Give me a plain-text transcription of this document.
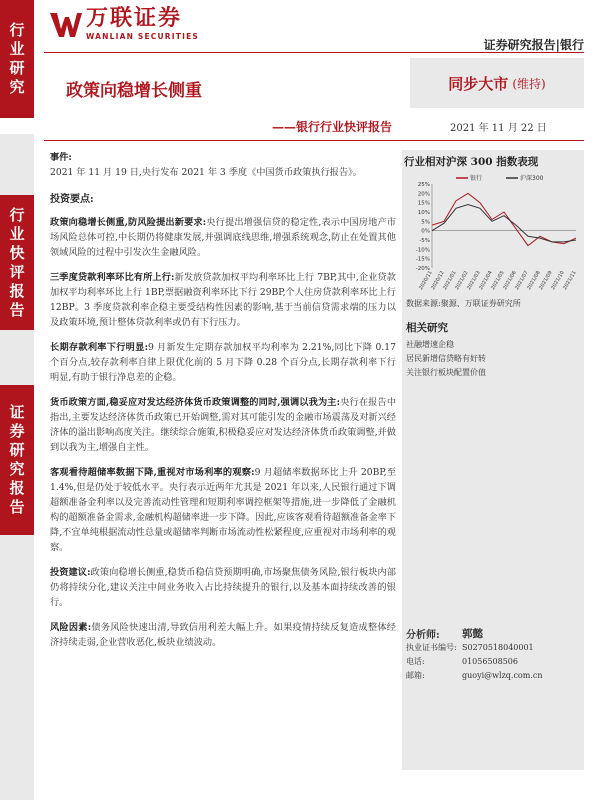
行
业
研
究
行
业
快
评
报
告
证
券
研
究
报
告
万联证券
WANLIAN SECURITIES
证券研究报告|银行
政策向稳增长侧重
——银行行业快评报告
同步大市 (维持)
2021 年 11 月 22 日
事件:

2021 年 11 月 19 日,央行发布 2021 年 3 季度《中国货币政策执行报告》。

投资要点:

政策向稳增长侧重,防风险提出新要求:央行提出增强信贷的稳定性,表示中国房地产市场风险总体可控,中长期仍将健康发展,并强调底线思维,增强系统观念,防止在处置其他领域风险的过程中引发次生金融风险。

三季度贷款利率环比有所上行:新发放贷款加权平均利率环比上行 7BP,其中,企业贷款加权平均利率环比上行 1BP,票据融资利率环比下行 29BP,个人住房贷款利率环比上行 12BP。3 季度贷款利率企稳主要受结构性因素的影响,基于当前信贷需求端的压力以及政策环境,预计整体贷款利率或仍有下行压力。

长期存款利率下行明显:9 月新发生定期存款加权平均利率为 2.21%,同比下降 0.17 个百分点,较存款利率自律上限优化前的 5 月下降 0.28 个百分点,长期存款利率下行明显,有助于银行净息差的企稳。

货币政策方面,稳妥应对发达经济体货币政策调整的同时,强调以我为主:央行在报告中指出,主要发达经济体货币政策已开始调整,需对其可能引发的金融市场震荡及对新兴经济体的溢出影响高度关注。继续综合施策,积极稳妥应对发达经济体货币政策调整,并做到以我为主,增强自主性。

客观看待超储率数据下降,重视对市场利率的观察:9 月超储率数据环比上升 20BP,至 1.4%,但是仍处于较低水平。央行表示近两年尤其是 2021 年以来,人民银行通过下调超额准备金利率以及完善流动性管理和短期利率调控框架等措施,进一步降低了金融机构的超额准备金需求,金融机构超储率进一步下降。因此,应该客观看待超额准备金率下降,不宜单纯根据流动性总量或超储率判断市场流动性松紧程度,应重视对市场利率的观察。

投资建议:政策向稳增长侧重,稳货币稳信贷预期明确,市场聚焦债务风险,银行板块内部仍将持续分化,建议关注中间业务收入占比持续提升的银行,以及基本面持续改善的银行。

风险因素:债务风险快速出清,导致信用利差大幅上升。如果疫情持续反复造成整体经济持续走弱,企业营收恶化,板块业绩波动。

行业相对沪深 300 指数表现
25%
20%
15%
10%
5%
0%
-5%
-10%
-15%
-20%
2020/11
2020/12
2021/01
2021/02
2021/03
2021/04
2021/05
2021/06
2021/07
2021/08
2021/09
2021/10
2021/11
银行	沪深300
数据来源:聚源、万联证券研究所
相关研究
社融增速企稳
居民新增信贷略有好转
关注银行板块配置价值
分析师:	郭懿
执业证书编号: S0270518040001
电话:	01056508506
邮箱:	guoyi@wlzq.com.cn
